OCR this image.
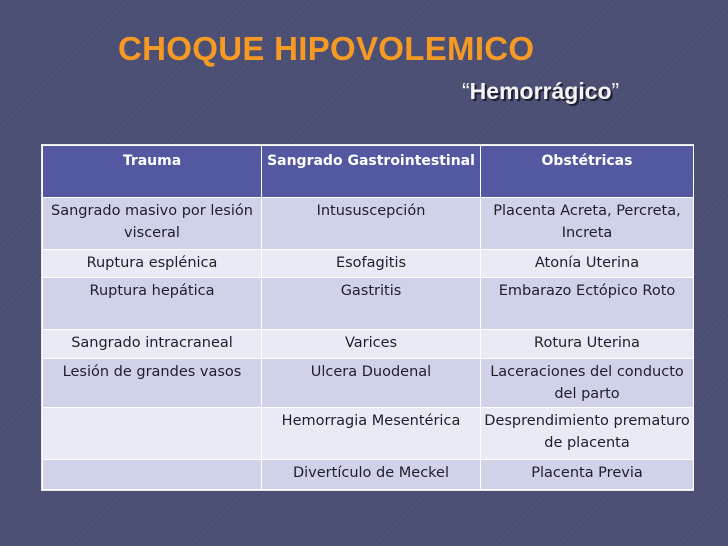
CHOQUE HIPOVOLEMICO

“Hemorrágico”

Trauma	Sangrado Gastrointestinal	Obstétricas
Sangrado masivo por lesión visceral	Intususcepción	Placenta Acreta, Percreta, Increta
Ruptura esplénica	Esofagitis	Atonía Uterina
Ruptura hepática	Gastritis	Embarazo Ectópico Roto
Sangrado intracraneal	Varices	Rotura Uterina
Lesión de grandes vasos	Ulcera Duodenal	Laceraciones del conducto del parto
	Hemorragia Mesentérica	Desprendimiento prematuro de placenta
	Divertículo de Meckel	Placenta Previa
